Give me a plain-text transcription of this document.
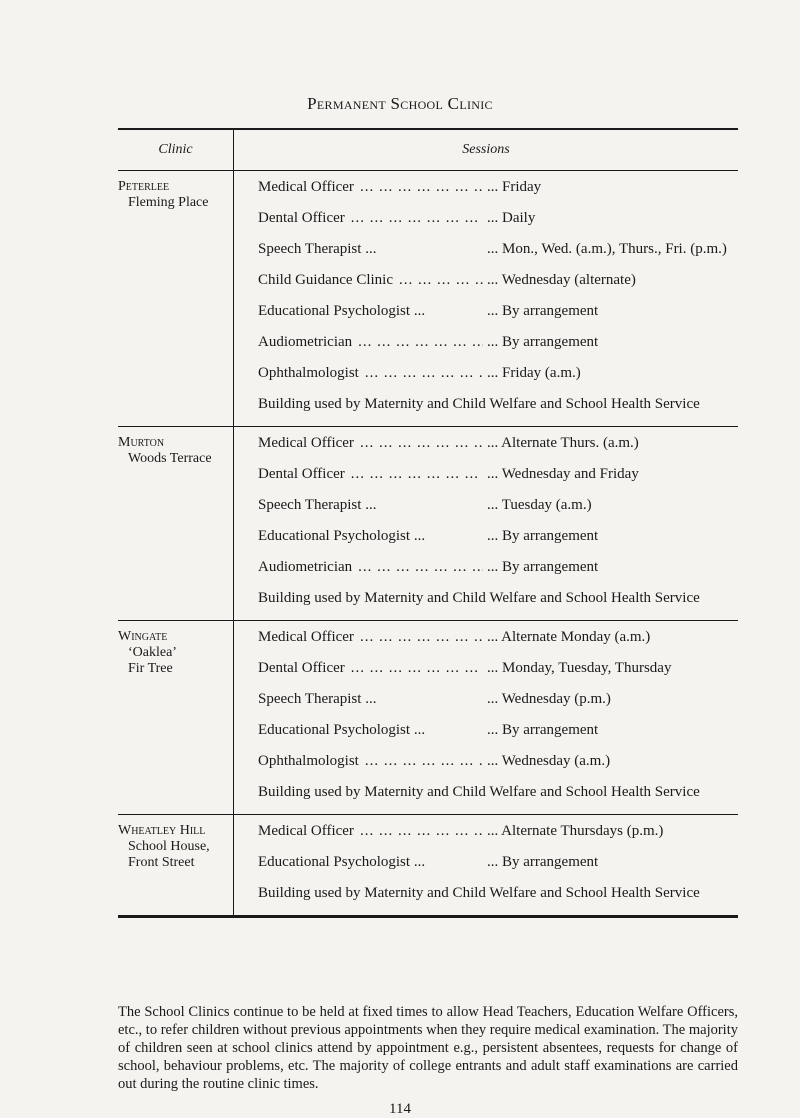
Permanent School Clinic
Clinic	Sessions
Peterlee
Fleming Place
Medical Officer ... .	... Friday
Dental Officer ... .	... Daily
Speech Therapist ...	... Mon., Wed. (a.m.), Thurs., Fri. (p.m.)
Child Guidance Clinic ... .	... Wednesday (alternate)
Educational Psychologist ...	... By arrangement
Audiometrician ... .	... By arrangement
Ophthalmologist ... .	... Friday (a.m.)
Building used by Maternity and Child Welfare and School Health Service
Murton
Woods Terrace
Medical Officer ... .	... Alternate Thurs. (a.m.)
Dental Officer ... .	... Wednesday and Friday
Speech Therapist ...	... Tuesday (a.m.)
Educational Psychologist ...	... By arrangement
Audiometrician ... .	... By arrangement
Building used by Maternity and Child Welfare and School Health Service
Wingate
‘Oaklea’
Fir Tree
Medical Officer ... .	... Alternate Monday (a.m.)
Dental Officer ... .	... Monday, Tuesday, Thursday
Speech Therapist ...	... Wednesday (p.m.)
Educational Psychologist ...	... By arrangement
Ophthalmologist ... .	... Wednesday (a.m.)
Building used by Maternity and Child Welfare and School Health Service
Wheatley Hill
School House,
Front Street
Medical Officer ... .	... Alternate Thursdays (p.m.)
Educational Psychologist ...	... By arrangement
Building used by Maternity and Child Welfare and School Health Service
The School Clinics continue to be held at fixed times to allow Head Teachers, Education Welfare Officers, etc., to refer children without previous appointments when they require medical examination. The majority of children seen at school clinics attend by appointment e.g., persistent absentees, requests for change of school, behaviour problems, etc. The majority of college entrants and adult staff examinations are carried out during the routine clinic times.
114
